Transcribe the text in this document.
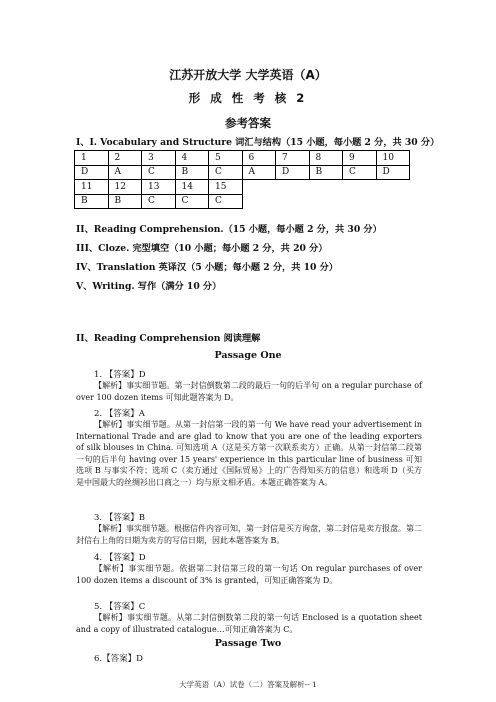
江苏开放大学 大学英语（A）
形 成 性 考 核 2
参考答案
I、I. Vocabulary and Structure 词汇与结构（15 小题，每小题 2 分，共 30 分）
1	2	3	4	5	6	7	8	9	10
D	A	C	B	C	A	D	B	C	D
11	12	13	14	15					
B	B	C	C	C					
II、Reading Comprehension.（15 小题，每小题 2 分，共 30 分）
III、Cloze. 完型填空（10 小题；每小题 2 分，共 20 分）
IV、Translation 英译汉（5 小题；每小题 2 分，共 10 分）
V、Writing. 写作（满分 10 分）
II、Reading Comprehension 阅读理解
Passage One
1. 【答案】D
【解析】事实细节题。第一封信倒数第二段的最后一句的后半句 on a regular purchase of over 100 dozen items 可知此题答案为 D。
2. 【答案】A
【解析】事实细节题。从第一封信第一段的第一句 We have read your advertisement in International Trade and are glad to know that you are one of the leading exporters of silk blouses in China. 可知选项 A（这是买方第一次联系卖方）正确。从第一封信第二段第一句的后半句 having over 15 years' experience in this particular line of business 可知选项 B 与事实不符；选项 C（卖方通过《国际贸易》上的广告得知买方的信息）和选项 D（买方是中国最大的丝绸衫出口商之一）均与原文相矛盾。本题正确答案为 A。
3. 【答案】B
【解析】事实细节题。根据信件内容可知，第一封信是买方询盘，第二封信是卖方报盘。第二封信右上角的日期为卖方的写信日期，因此本题答案为 B。
4. 【答案】D
【解析】事实细节题。依据第二封信第三段的第一句话 On regular purchases of over 100 dozen items a discount of 3% is granted，可知正确答案为 D。
5. 【答案】C
【解析】事实细节题。从第二封信倒数第二段的第一句话 Enclosed is a quotation sheet and a copy of illustrated catalogue…可知正确答案为 C。
Passage Two
6.【答案】D
大学英语（A）试卷（二）答案及解析-- 1
